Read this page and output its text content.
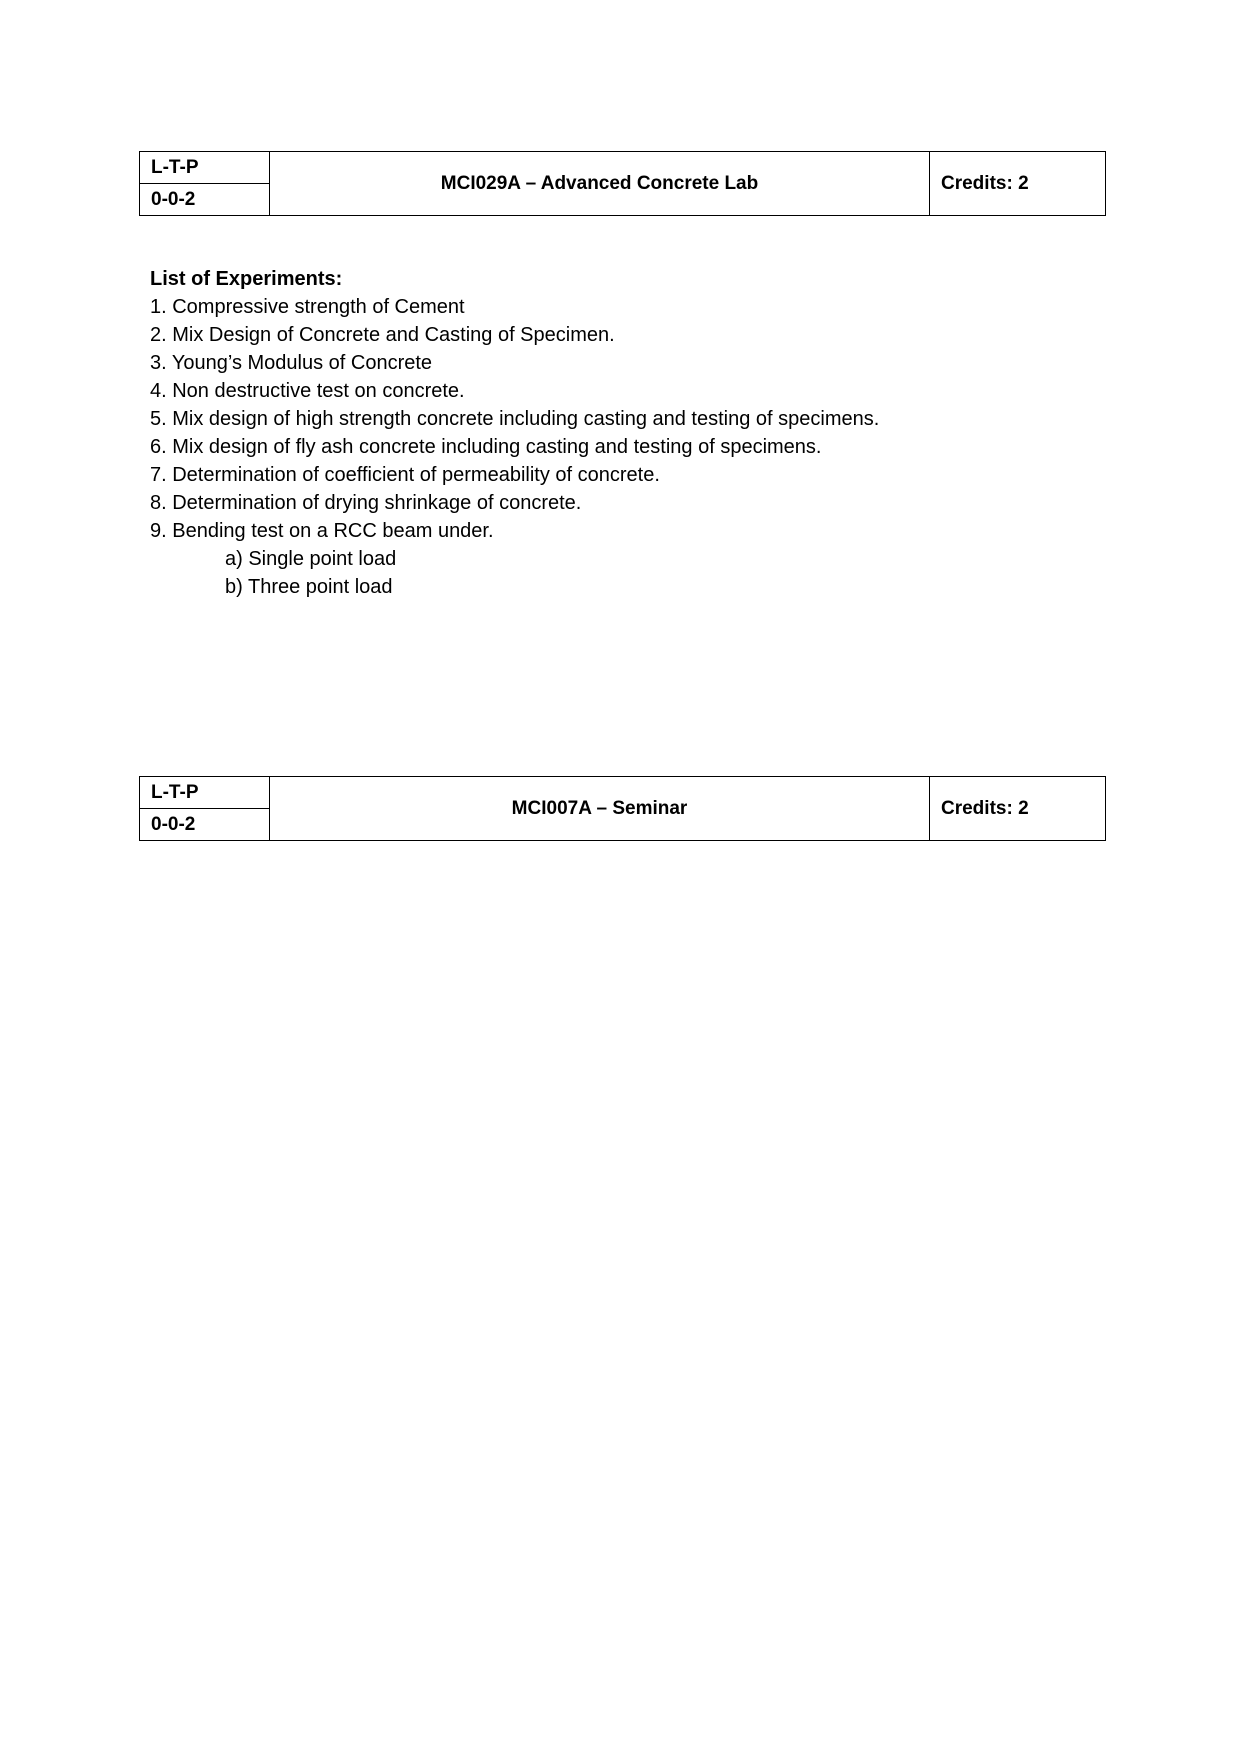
L-T-P	MCI029A – Advanced Concrete Lab	Credits: 2
0-0-2
List of Experiments:
1. Compressive strength of Cement
2. Mix Design of Concrete and Casting of Specimen.
3. Young’s Modulus of Concrete
4. Non destructive test on concrete.
5. Mix design of high strength concrete including casting and testing of specimens.
6. Mix design of fly ash concrete including casting and testing of specimens.
7. Determination of coefficient of permeability of concrete.
8. Determination of drying shrinkage of concrete.
9. Bending test on a RCC beam under.
a) Single point load
b) Three point load
L-T-P	MCI007A – Seminar	Credits: 2
0-0-2
